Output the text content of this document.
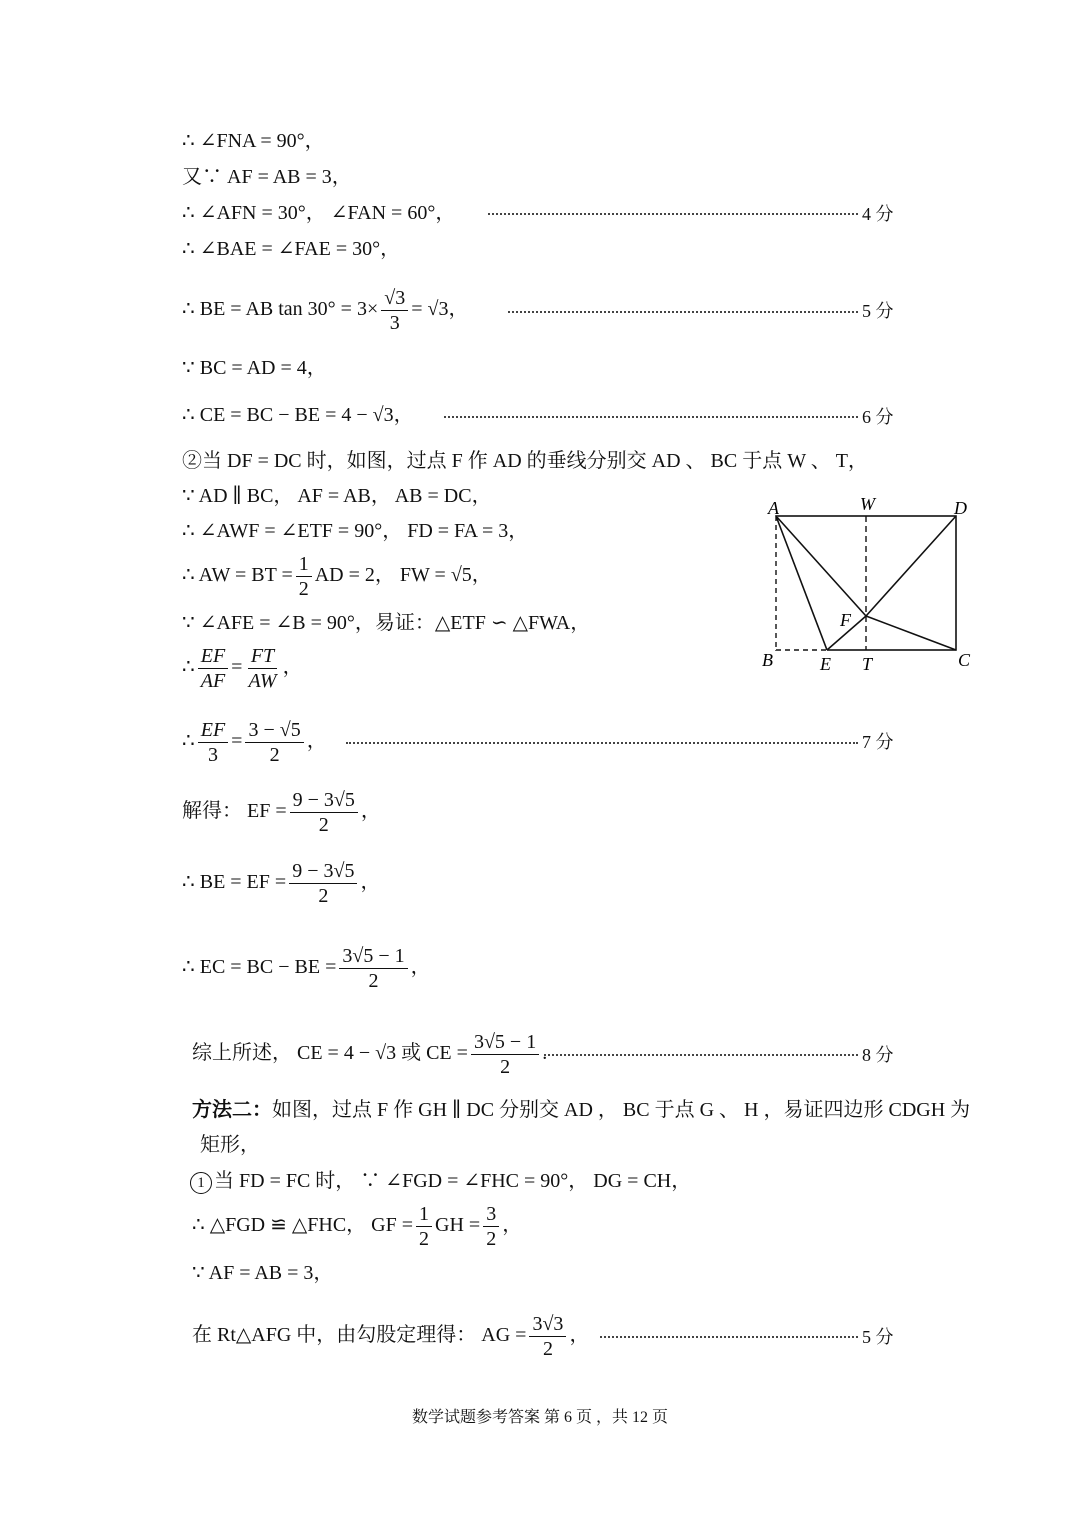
∴ ∠FNA = 90°，
又∵ AF = AB = 3，
∴ ∠AFN = 30°， ∠FAN = 60°，	4 分
∴ ∠BAE = ∠FAE = 30°，
∴ BE = AB $\tan 30^\circ = 3\times \frac{√3}{3} = √3$，	5 分
∵ BC = AD = 4，
∴ CE = BC − BE = 4 − √3，	6 分
②当 DF = DC 时，如图，过点 F 作 AD 的垂线分别交 AD 、 BC 于点 W 、 T，
∵ AD ∥ BC， AF = AB， AB = DC，
∴ ∠AWF = ∠ETF = 90°， FD = FA = 3，
∴ AW = BT = $\frac{1}{2}$ AD = 2， FW = √5，
∵ ∠AFE = ∠B = 90°，易证：△ETF ∽ △FWA，
∴ $\frac{EF}{AF} = \frac{FT}{AW}$ ，
∴ $\frac{EF}{3} = \frac{3 - √5}{2}$ ，	7 分
解得： EF = $\frac{9 - 3√5}{2}$ ，
∴ BE = EF = $\frac{9 - 3√5}{2}$ ，
∴ EC = BC − BE = $\frac{3√5 - 1}{2}$ ，
综上所述， CE = 4 − √3 或 CE = $\frac{3√5 - 1}{2}$ .	8 分
方法二：如图，过点 F 作 GH ∥ DC 分别交 AD ， BC 于点 G 、 H ，易证四边形 CDGH 为
矩形，
1 当 FD = FC 时， ∵ ∠FGD = ∠FHC = 90°， DG = CH，
∴ △FGD ≌ △FHC， GF = $\frac{1}{2}$ GH = $\frac{3}{2}$ ，
∵ AF = AB = 3，
在 Rt△AFG 中，由勾股定理得： AG = $\frac{3√3}{2}$ ，	5 分
A	W	D
F
B	E T	C
数学试题参考答案 第 6 页 ，共 12 页
